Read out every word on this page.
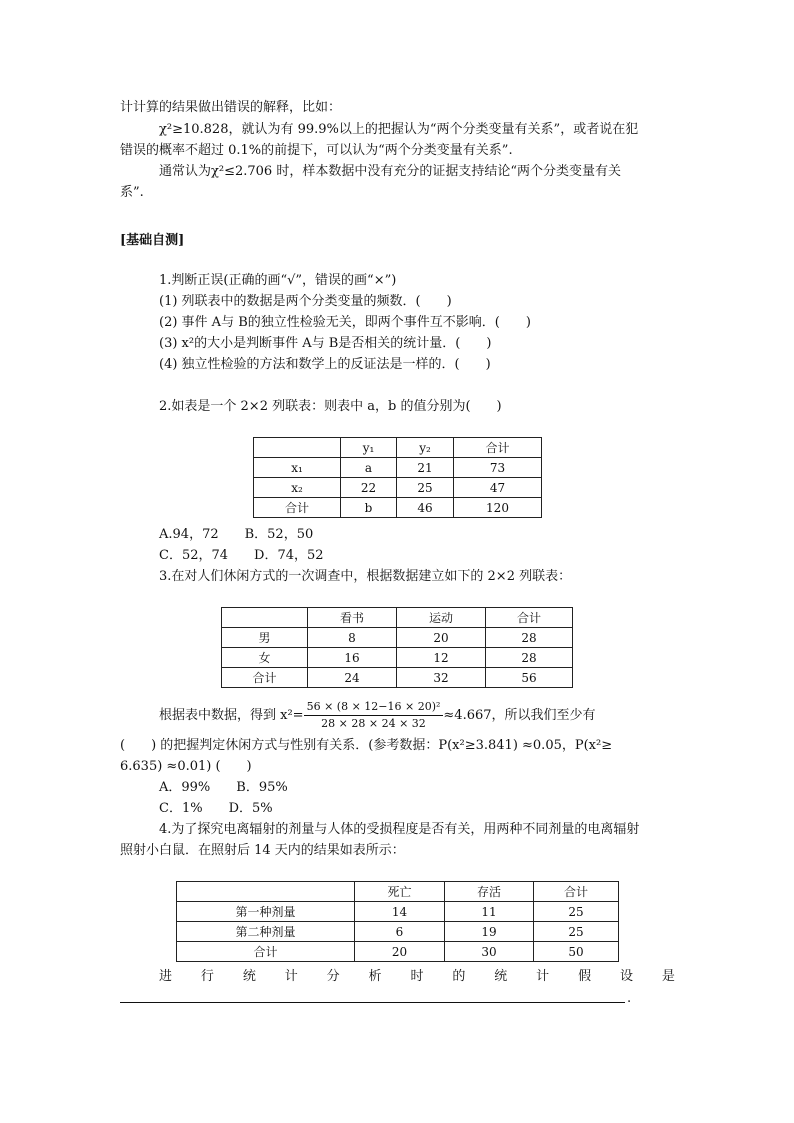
计计算的结果做出错误的解释，比如：
χ²≥10.828，就认为有 99.9%以上的把握认为“两个分类变量有关系”，或者说在犯
错误的概率不超过 0.1%的前提下，可以认为“两个分类变量有关系”.
通常认为χ²≤2.706 时，样本数据中没有充分的证据支持结论“两个分类变量有关
系”.
[基础自测]
1.判断正误(正确的画“√”，错误的画“×”)
(1) 列联表中的数据是两个分类变量的频数．(　　)
(2) 事件 A与 B的独立性检验无关，即两个事件互不影响．(　　)
(3) x²的大小是判断事件 A与 B是否相关的统计量．(　　)
(4) 独立性检验的方法和数学上的反证法是一样的．(　　)
2.如表是一个 2×2 列联表：则表中 a，b 的值分别为(　　)
	y₁	y₂	合计
x₁	a	21	73
x₂	22	25	47
合计	b	46	120
A.94，72　　B．52，50
C．52，74　　D．74，52
3.在对人们休闲方式的一次调查中，根据数据建立如下的 2×2 列联表：
	看书	运动	合计
男	8	20	28
女	16	12	28
合计	24	32	56
根据表中数据，得到 $x^2= \frac{\text{56 × (8 × 12−16 × 20)²}}{28 \times 28 \times 24 \times 32} \approx 4.667$，所以我们至少有
(　　) 的把握判定休闲方式与性别有关系．(参考数据：P(x²≥3.841) ≈0.05，P(x²≥
6.635) ≈0.01) (　　)
A．99%　　B．95%
C．1%　　D．5%
4.为了探究电离辐射的剂量与人体的受损程度是否有关，用两种不同剂量的电离辐射
照射小白鼠．在照射后 14 天内的结果如表所示：
	死亡	存活	合计
第一种剂量	14	11	25
第二种剂量	6	19	25
合计	20	30	50
进 行 统 计 分 析 时 的 统 计 假 设 是
.
